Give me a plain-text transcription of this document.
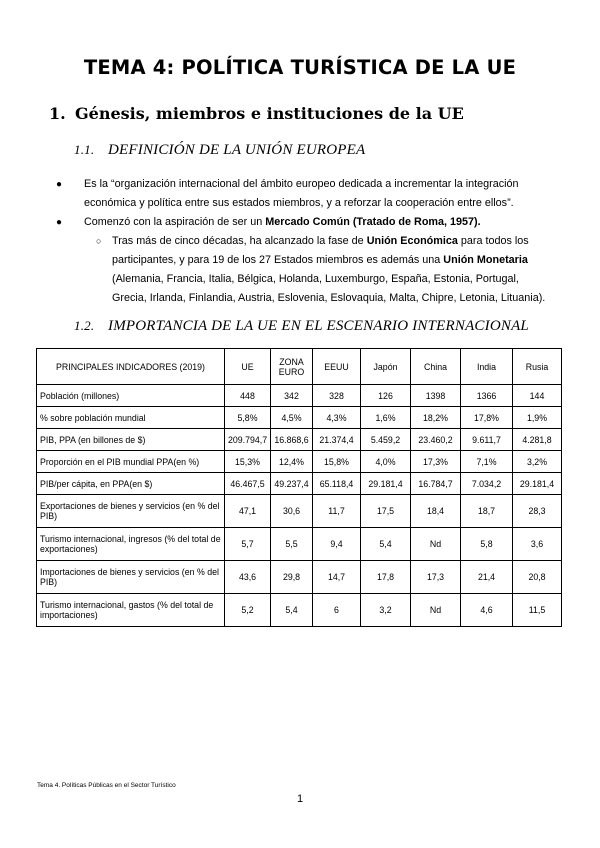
TEMA 4: POLÍTICA TURÍSTICA DE LA UE
1. Génesis, miembros e instituciones de la UE
1.1. DEFINICIÓN DE LA UNIÓN EUROPEA
● Es la “organización internacional del ámbito europeo dedicada a incrementar la integración
económica y política entre sus estados miembros, y a reforzar la cooperación entre ellos”.
● Comenzó con la aspiración de ser un Mercado Común (Tratado de Roma, 1957).
○ Tras más de cinco décadas, ha alcanzado la fase de Unión Económica para todos los
participantes, y para 19 de los 27 Estados miembros es además una Unión Monetaria
(Alemania, Francia, Italia, Bélgica, Holanda, Luxemburgo, España, Estonia, Portugal,
Grecia, Irlanda, Finlandia, Austria, Eslovenia, Eslovaquia, Malta, Chipre, Letonia, Lituania).
1.2. IMPORTANCIA DE LA UE EN EL ESCENARIO INTERNACIONAL
PRINCIPALES INDICADORES (2019)	UE	ZONA EURO	EEUU	Japón	China	India	Rusia
Población (millones)	448	342	328	126	1398	1366	144
% sobre población mundial	5,8%	4,5%	4,3%	1,6%	18,2%	17,8%	1,9%
PIB, PPA (en billones de $)	209.794,7	16.868,6	21.374,4	5.459,2	23.460,2	9.611,7	4.281,8
Proporción en el PIB mundial PPA(en %)	15,3%	12,4%	15,8%	4,0%	17,3%	7,1%	3,2%
PIB/per cápita, en PPA(en $)	46.467,5	49.237,4	65.118,4	29.181,4	16.784,7	7.034,2	29.181,4
Exportaciones de bienes y servicios (en % del PIB)	47,1	30,6	11,7	17,5	18,4	18,7	28,3
Turismo internacional, ingresos (% del total de exportaciones)	5,7	5,5	9,4	5,4	Nd	5,8	3,6
Importaciones de bienes y servicios (en % del PIB)	43,6	29,8	14,7	17,8	17,3	21,4	20,8
Turismo internacional, gastos (% del total de importaciones)	5,2	5,4	6	3,2	Nd	4,6	11,5
Tema 4. Políticas Públicas en el Sector Turístico
1
